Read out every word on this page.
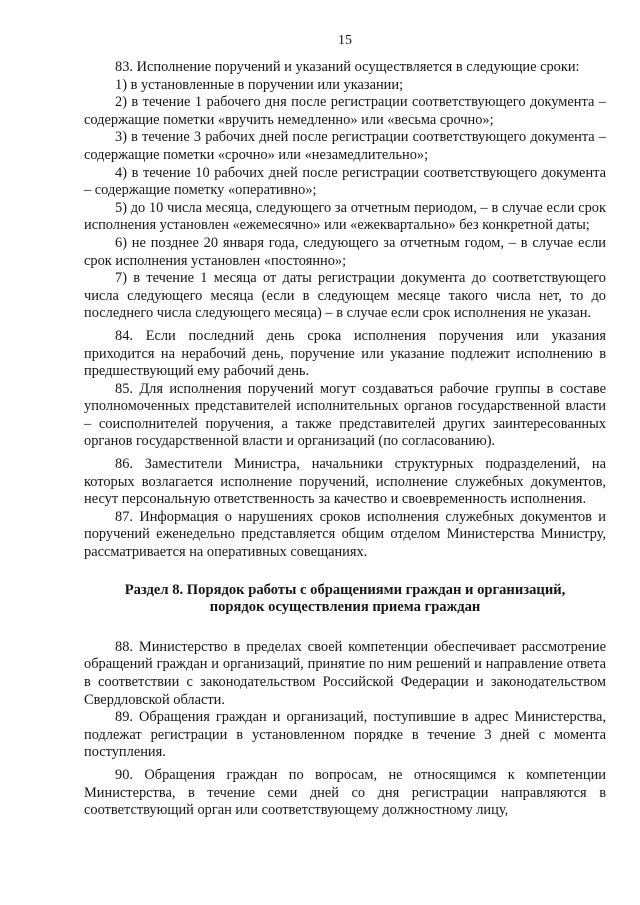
15

83. Исполнение поручений и указаний осуществляется в следующие сроки:

1) в установленные в поручении или указании;

2) в течение 1 рабочего дня после регистрации соответствующего документа – содержащие пометки «вручить немедленно» или «весьма срочно»;

3) в течение 3 рабочих дней после регистрации соответствующего документа – содержащие пометки «срочно» или «незамедлительно»;

4) в течение 10 рабочих дней после регистрации соответствующего документа – содержащие пометку «оперативно»;

5) до 10 числа месяца, следующего за отчетным периодом, – в случае если срок исполнения установлен «ежемесячно» или «ежеквартально» без конкретной даты;

6) не позднее 20 января года, следующего за отчетным годом, – в случае если срок исполнения установлен «постоянно»;

7) в течение 1 месяца от даты регистрации документа до соответствующего числа следующего месяца (если в следующем месяце такого числа нет, то до последнего числа следующего месяца) – в случае если срок исполнения не указан.

84. Если последний день срока исполнения поручения или указания приходится на нерабочий день, поручение или указание подлежит исполнению в предшествующий ему рабочий день.

85. Для исполнения поручений могут создаваться рабочие группы в составе уполномоченных представителей исполнительных органов государственной власти – соисполнителей поручения, а также представителей других заинтересованных органов государственной власти и организаций (по согласованию).

86. Заместители Министра, начальники структурных подразделений, на которых возлагается исполнение поручений, исполнение служебных документов, несут персональную ответственность за качество и своевременность исполнения.

87. Информация о нарушениях сроков исполнения служебных документов и поручений еженедельно представляется общим отделом Министерства Министру, рассматривается на оперативных совещаниях.

Раздел 8. Порядок работы с обращениями граждан и организаций,

порядок осуществления приема граждан

88. Министерство в пределах своей компетенции обеспечивает рассмотрение обращений граждан и организаций, принятие по ним решений и направление ответа в соответствии с законодательством Российской Федерации и законодательством Свердловской области.

89. Обращения граждан и организаций, поступившие в адрес Министерства, подлежат регистрации в установленном порядке в течение 3 дней с момента поступления.

90. Обращения граждан по вопросам, не относящимся к компетенции Министерства, в течение семи дней со дня регистрации направляются в соответствующий орган или соответствующему должностному лицу,
